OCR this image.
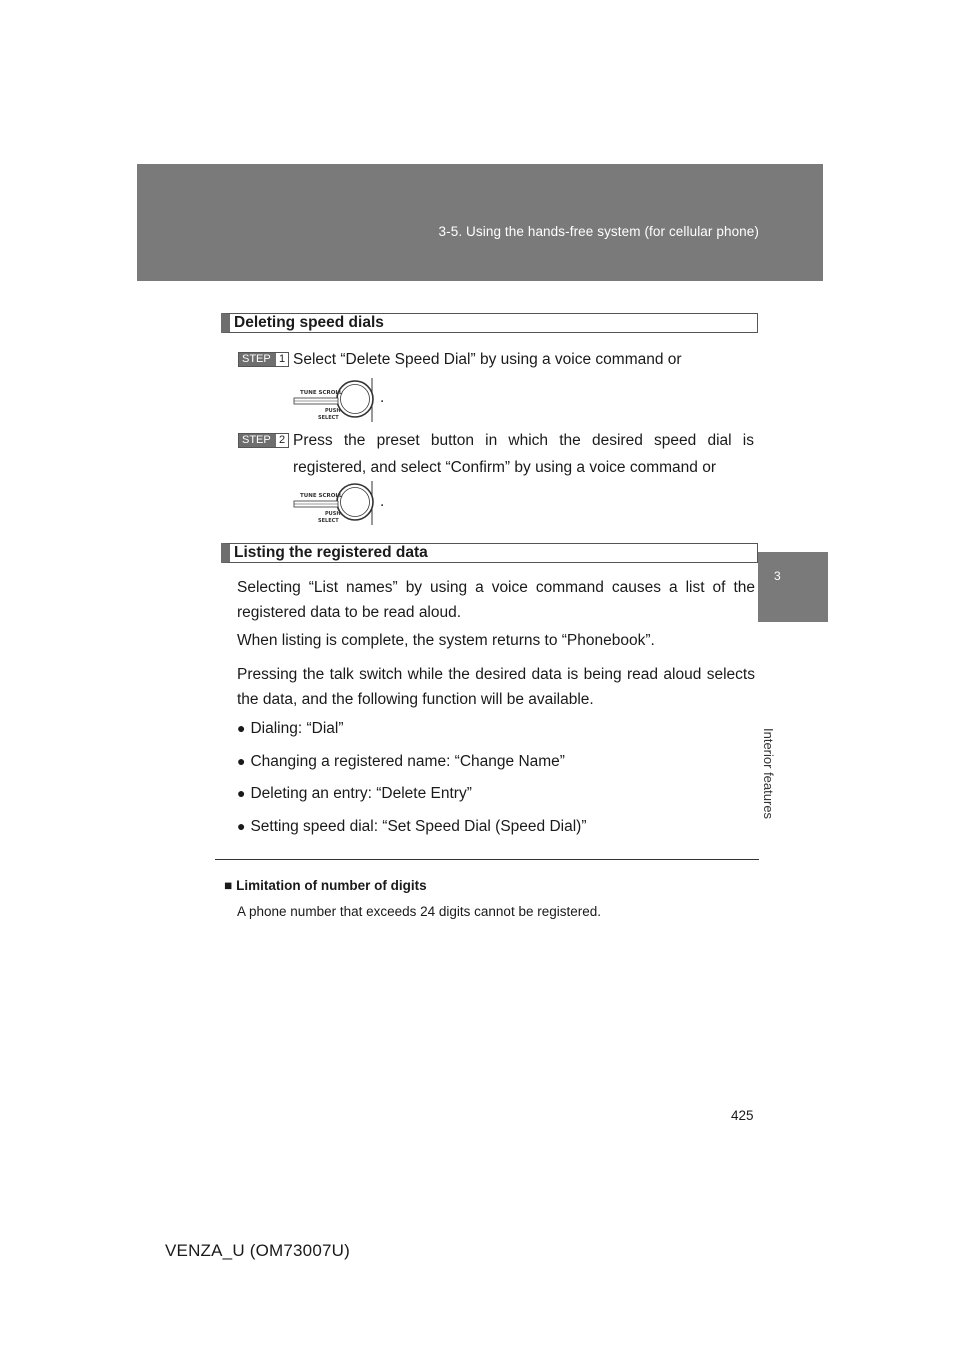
3-5. Using the hands-free system (for cellular phone)
3
Interior features
Deleting speed dials
STEP 1 Select “Delete Speed Dial” by using a voice command or
TUNE SCROLL
PUSH
SELECT
.
STEP 2 Press the preset button in which the desired speed dial is registered, and select “Confirm” by using a voice command or
TUNE SCROLL
PUSH
SELECT
.
Listing the registered data
Selecting “List names” by using a voice command causes a list of the registered data to be read aloud.
When listing is complete, the system returns to “Phonebook”.
Pressing the talk switch while the desired data is being read aloud selects the data, and the following function will be available.
● Dialing: “Dial”
● Changing a registered name: “Change Name”
● Deleting an entry: “Delete Entry”
● Setting speed dial: “Set Speed Dial (Speed Dial)”
■ Limitation of number of digits
A phone number that exceeds 24 digits cannot be registered.
425
VENZA_U (OM73007U)
